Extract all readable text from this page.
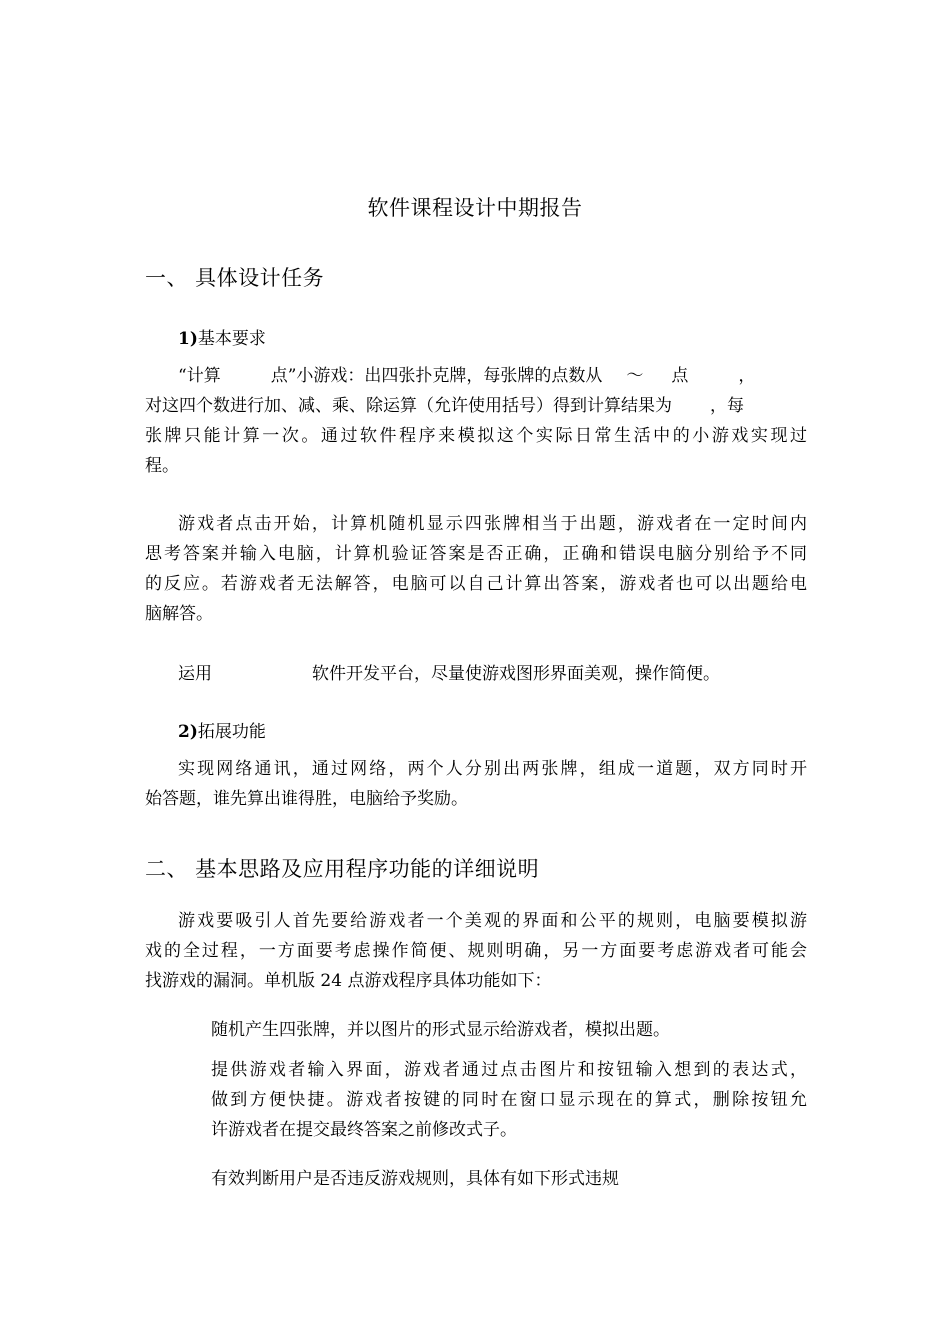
软件课程设计中期报告
一、 具体设计任务
1)基本要求
“计算	点”小游戏：出四张扑克牌，每张牌的点数从 ～ 点	，
对这四个数进行加、减、乘、除运算（允许使用括号）得到计算结果为 ，每
张牌只能计算一次。通过软件程序来模拟这个实际日常生活中的小游戏实现过
程。
游戏者点击开始，计算机随机显示四张牌相当于出题，游戏者在一定时间内
思考答案并输入电脑，计算机验证答案是否正确，正确和错误电脑分别给予不同
的反应。若游戏者无法解答，电脑可以自己计算出答案，游戏者也可以出题给电
脑解答。
运用	软件开发平台，尽量使游戏图形界面美观，操作简便。
2)拓展功能
实现网络通讯，通过网络，两个人分别出两张牌，组成一道题，双方同时开
始答题，谁先算出谁得胜，电脑给予奖励。
二、 基本思路及应用程序功能的详细说明
游戏要吸引人首先要给游戏者一个美观的界面和公平的规则，电脑要模拟游
戏的全过程，一方面要考虑操作简便、规则明确，另一方面要考虑游戏者可能会
找游戏的漏洞。单机版 24 点游戏程序具体功能如下：
随机产生四张牌，并以图片的形式显示给游戏者，模拟出题。
提供游戏者输入界面，游戏者通过点击图片和按钮输入想到的表达式，
做到方便快捷。游戏者按键的同时在窗口显示现在的算式，删除按钮允
许游戏者在提交最终答案之前修改式子。
有效判断用户是否违反游戏规则，具体有如下形式违规
